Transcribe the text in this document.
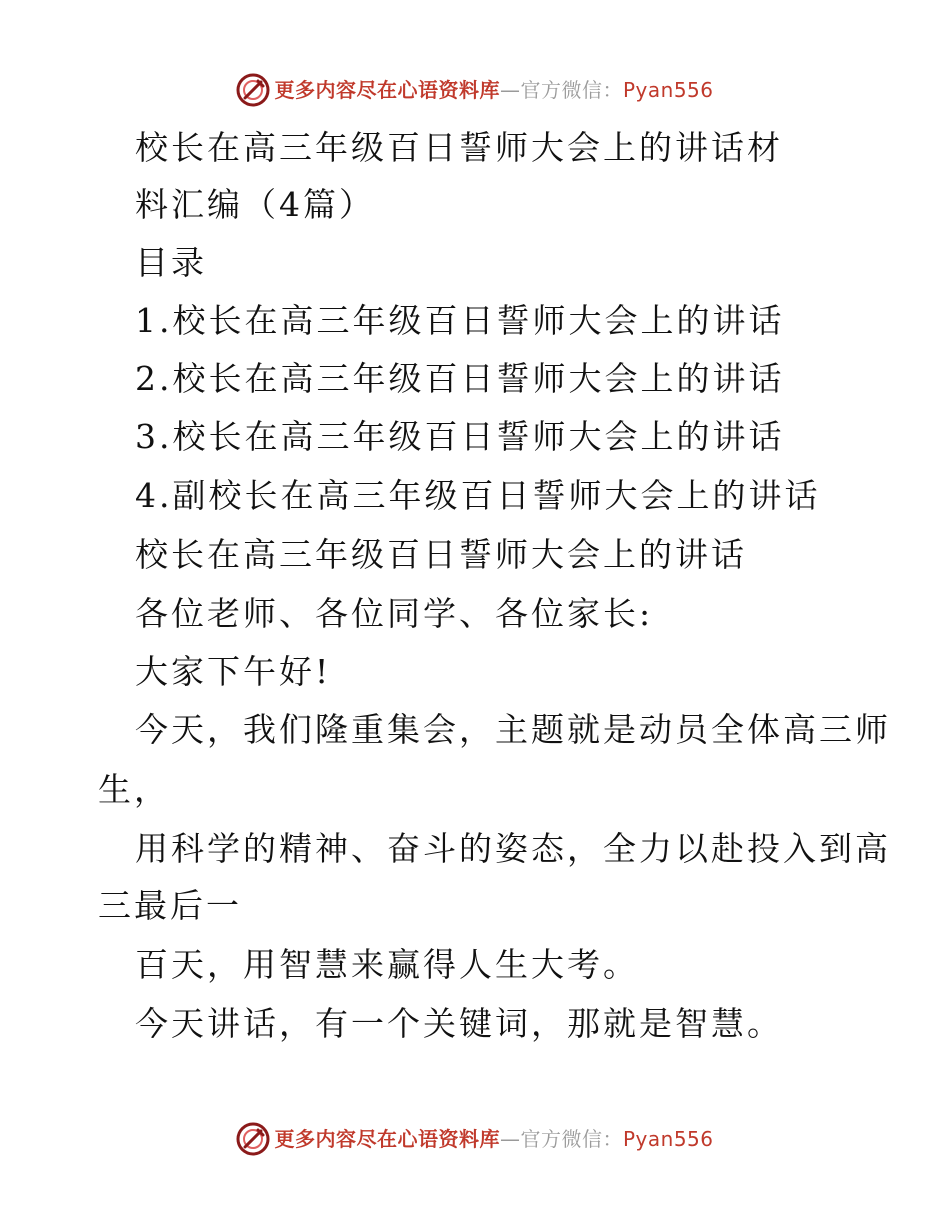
更多内容尽在心语资料库 — 官方微信： Pyan556
校长在高三年级百日誓师大会上的讲话材
料汇编（4篇）
目录
1.校长在高三年级百日誓师大会上的讲话
2.校长在高三年级百日誓师大会上的讲话
3.校长在高三年级百日誓师大会上的讲话
4.副校长在高三年级百日誓师大会上的讲话
校长在高三年级百日誓师大会上的讲话
各位老师、各位同学、各位家长:
大家下午好!
今天，我们隆重集会，主题就是动员全体高三师
生，
用科学的精神、奋斗的姿态，全力以赴投入到高
三最后一
百天，用智慧来赢得人生大考。
今天讲话，有一个关键词，那就是智慧。
更多内容尽在心语资料库 — 官方微信： Pyan556
